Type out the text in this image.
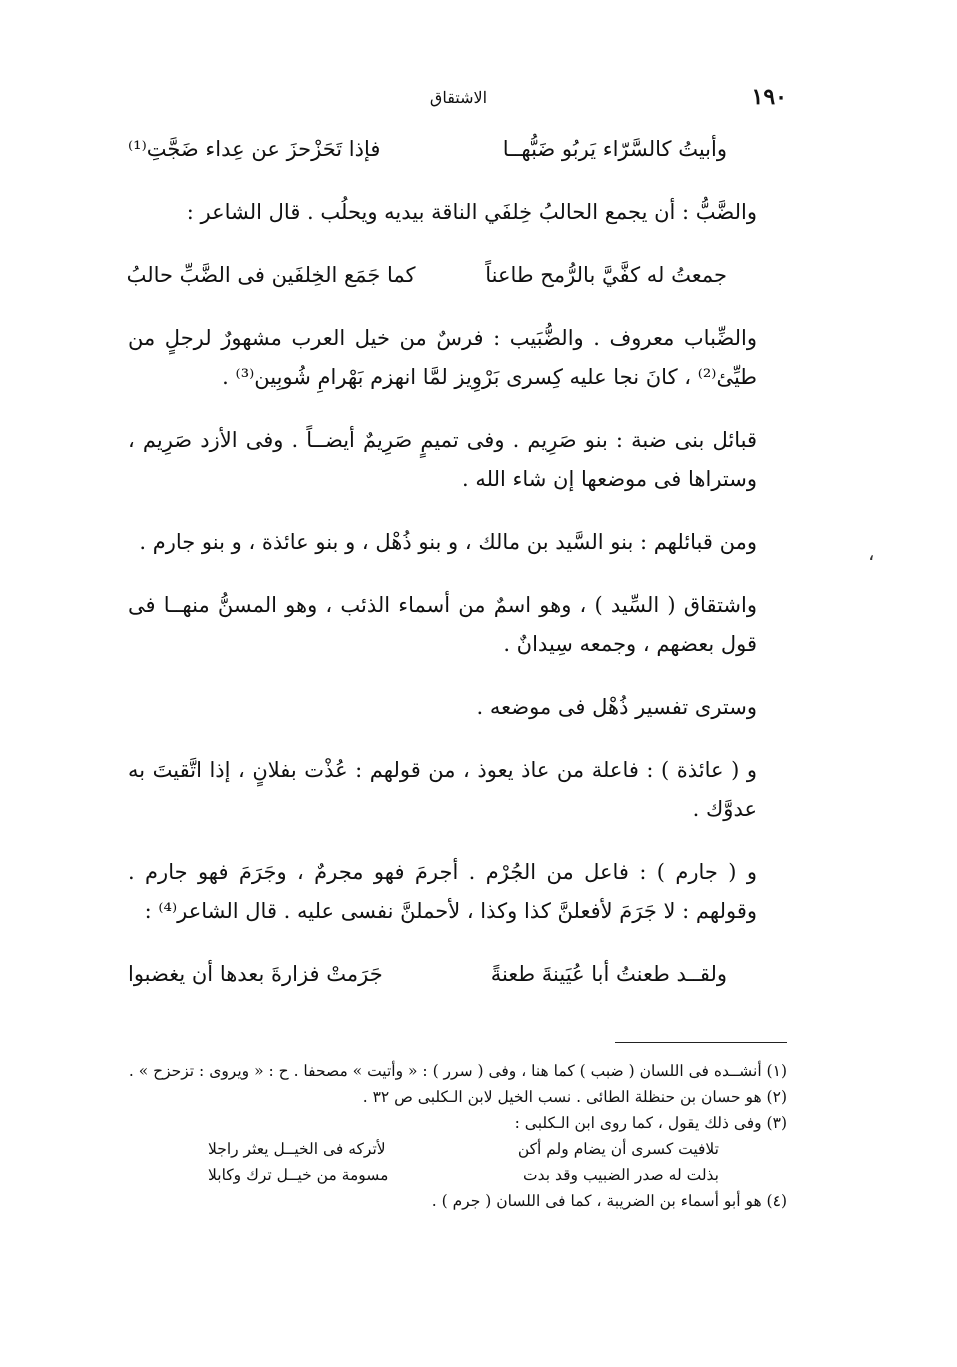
١٩٠
الاشتقاق
وأبيتُ كالسَّرّاء يَربُو ضَبُّهــا
فإذا تَحَزْحزَ عن عِداء ضَجَّتِ⁽¹⁾

والضَّبُّ : أن يجمع الحالبُ خِلفَي الناقة بيديه ويحلُب . قال الشاعر :

جمعتُ له كفَّيَّ بالرُّمح طاعناً
كما جَمَع الخِلفَين فى الضَّبِّ حالبُ

والضِّباب معروف . والضُّبَيب : فرسٌ من خيل العرب مشهورٌ لرجلٍ من طيِّئ⁽²⁾ ، كانَ نجا عليه كِسرى بَرْوِيز لمَّا انهزم بَهْرامِ شُوبِين⁽³⁾ .

قبائل بنى ضبة : بنو صَرِيم . وفى تميمٍ صَرِيمٌ أيضــاً . وفى الأزد صَرِيم ، وستراها فى موضعها إن شاء الله .

ومن قبائلهم : بنو السَّيد بن مالك ، و بنو ذُهْل ، و بنو عائذة ، و بنو جارم .

واشتقاق ( السِّيد ) ، وهو اسمٌ من أسماء الذئب ، وهو المسنُّ منهــا فى قول بعضهم ، وجمعه سِيدانٌ .

وسترى تفسير ذُهْل فى موضعه .

و ( عائذة ) : فاعلة من عاذ يعوذ ، من قولهم : عُذْت بفلانٍ ، إذا اتَّقيتَ به عدوَّك .

و ( جارم ) : فاعل من الجُرْم . أجرمَ فهو مجرمٌ ، وجَرَمَ فهو جارم . وقولهم : لا جَرَمَ لأفعلنَّ كذا وكذا ، لأحملنَّ نفسى عليه . قال الشاعر⁽⁴⁾ :

ولقــد طعنتُ أبا عُيَينةَ طعنةً
جَرَمتْ فزارةَ بعدها أن يغضبوا
،

(١) أنشــده فى اللسان ( ضبب ) كما هنا ، وفى ( سرر ) : « وأتيت » مصحفا . ح : « ويروى : تزحزح » .

(٢) هو حسان بن حنظلة الطائى . نسب الخيل لابن الـكلبى ص ٣٢ .

(٣) وفى ذلك يقول ، كما روى ابن الـكلبى :

تلافيت كسرى أن يضام ولم أكن
لأتركه فى الخيــل يعثر راجلا
بذلت له صدر الضبيب وقد بدت
مسومة من خيــل ترك وكابلا

(٤) هو أبو أسماء بن الضريبة ، كما فى اللسان ( جرم ) .
